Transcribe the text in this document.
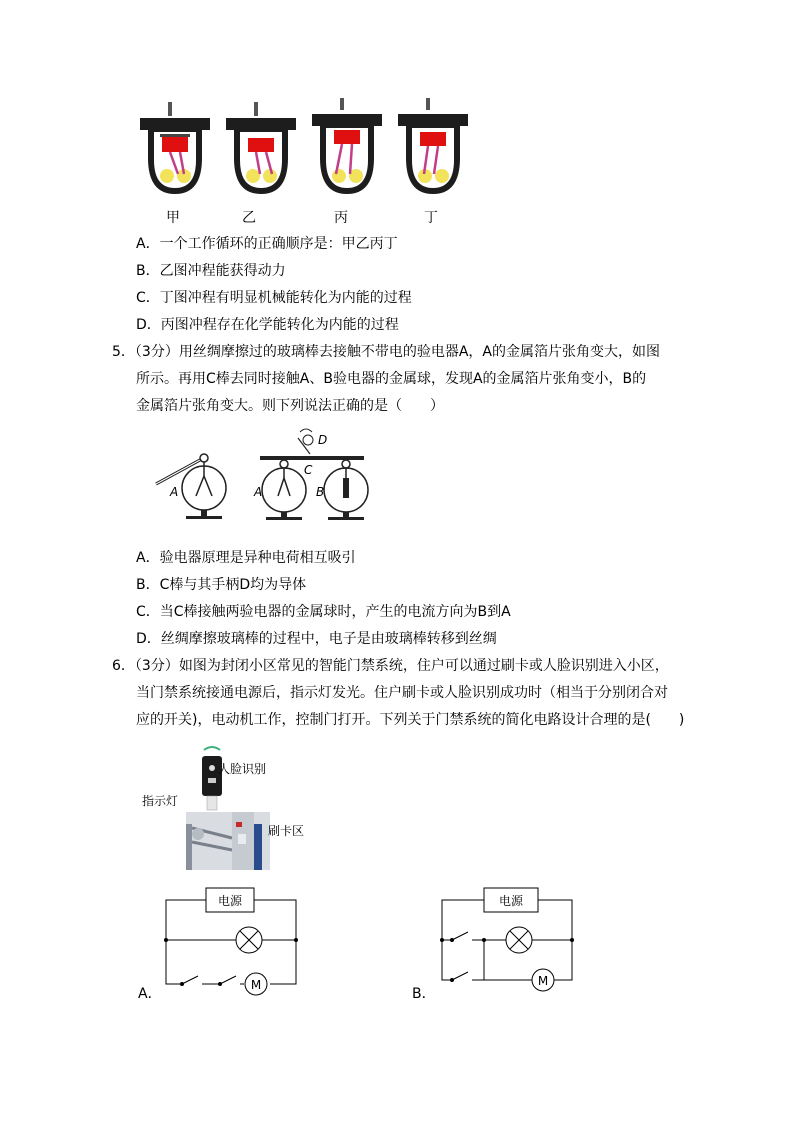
甲	乙	丙	丁
A．一个工作循环的正确顺序是：甲乙丙丁
B．乙图冲程能获得动力
C．丁图冲程有明显机械能转化为内能的过程
D．丙图冲程存在化学能转化为内能的过程
5．（3分）用丝绸摩擦过的玻璃棒去接触不带电的验电器A，A的金属箔片张角变大，如图
所示。再用C棒去同时接触A、B验电器的金属球，发现A的金属箔片张角变小，B的
金属箔片张角变大。则下列说法正确的是（　　）
A
D
C
A	B
A．验电器原理是异种电荷相互吸引
B．C棒与其手柄D均为导体
C．当C棒接触两验电器的金属球时，产生的电流方向为B到A
D．丝绸摩擦玻璃棒的过程中，电子是由玻璃棒转移到丝绸
6．（3分）如图为封闭小区常见的智能门禁系统，住户可以通过刷卡或人脸识别进入小区，
当门禁系统接通电源后，指示灯发光。住户刷卡或人脸识别成功时（相当于分别闭合对
应的开关)，电动机工作，控制门打开。下列关于门禁系统的简化电路设计合理的是(　　)
人脸识别
指示灯
刷卡区
电源
M
A．
电源
M
B．
